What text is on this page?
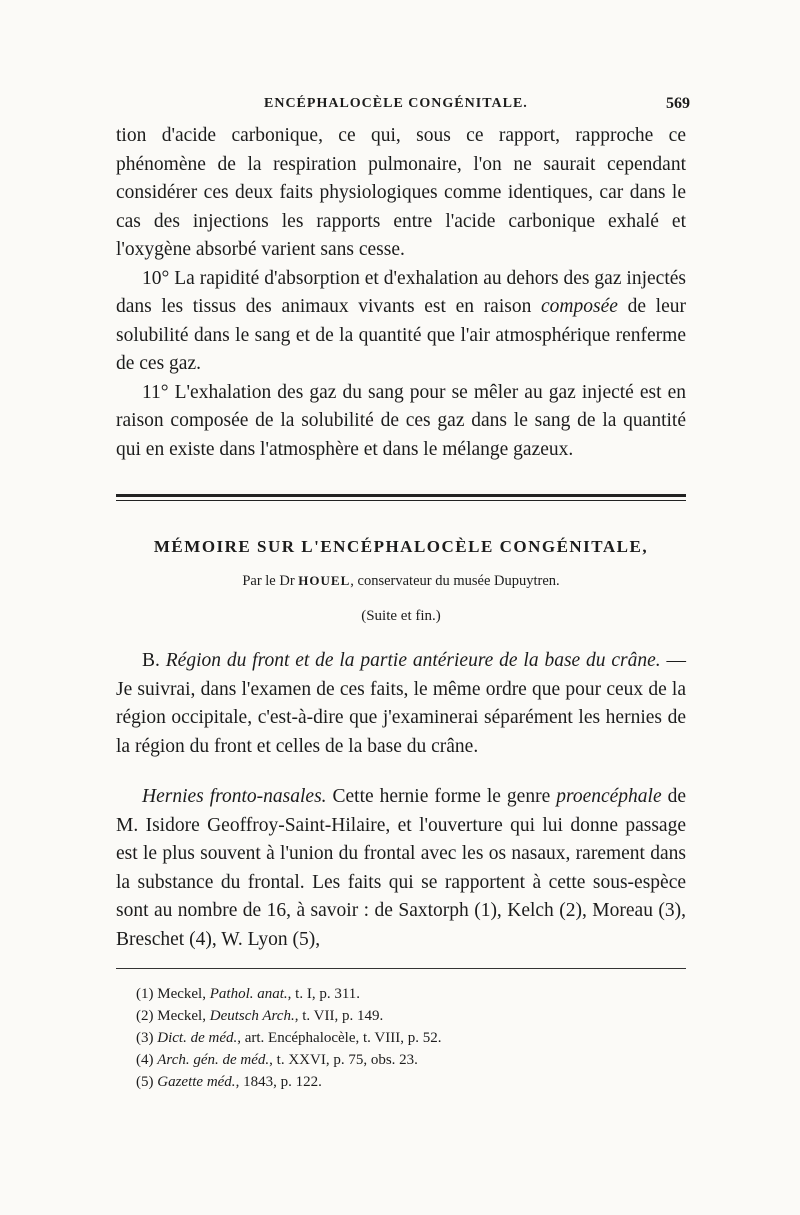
ENCÉPHALOCÈLE CONGÉNITALE.	569

tion d'acide carbonique, ce qui, sous ce rapport, rapproche ce phénomène de la respiration pulmonaire, l'on ne saurait cependant considérer ces deux faits physiologiques comme identiques, car dans le cas des injections les rapports entre l'acide carbonique exhalé et l'oxygène absorbé varient sans cesse.

10° La rapidité d'absorption et d'exhalation au dehors des gaz injectés dans les tissus des animaux vivants est en raison composée de leur solubilité dans le sang et de la quantité que l'air atmosphérique renferme de ces gaz.

11° L'exhalation des gaz du sang pour se mêler au gaz injecté est en raison composée de la solubilité de ces gaz dans le sang de la quantité qui en existe dans l'atmosphère et dans le mélange gazeux.

MÉMOIRE SUR L'ENCÉPHALOCÈLE CONGÉNITALE,
Par le Dr HOUEL, conservateur du musée Dupuytren.
(Suite et fin.)

B. Région du front et de la partie antérieure de la base du crâne. — Je suivrai, dans l'examen de ces faits, le même ordre que pour ceux de la région occipitale, c'est-à-dire que j'examinerai séparément les hernies de la région du front et celles de la base du crâne.

Hernies fronto-nasales. Cette hernie forme le genre proencéphale de M. Isidore Geoffroy-Saint-Hilaire, et l'ouverture qui lui donne passage est le plus souvent à l'union du frontal avec les os nasaux, rarement dans la substance du frontal. Les faits qui se rapportent à cette sous-espèce sont au nombre de 16, à savoir : de Saxtorph (1), Kelch (2), Moreau (3), Breschet (4), W. Lyon (5),

(1) Meckel, Pathol. anat., t. I, p. 311.
(2) Meckel, Deutsch Arch., t. VII, p. 149.
(3) Dict. de méd., art. Encéphalocèle, t. VIII, p. 52.
(4) Arch. gén. de méd., t. XXVI, p. 75, obs. 23.
(5) Gazette méd., 1843, p. 122.
